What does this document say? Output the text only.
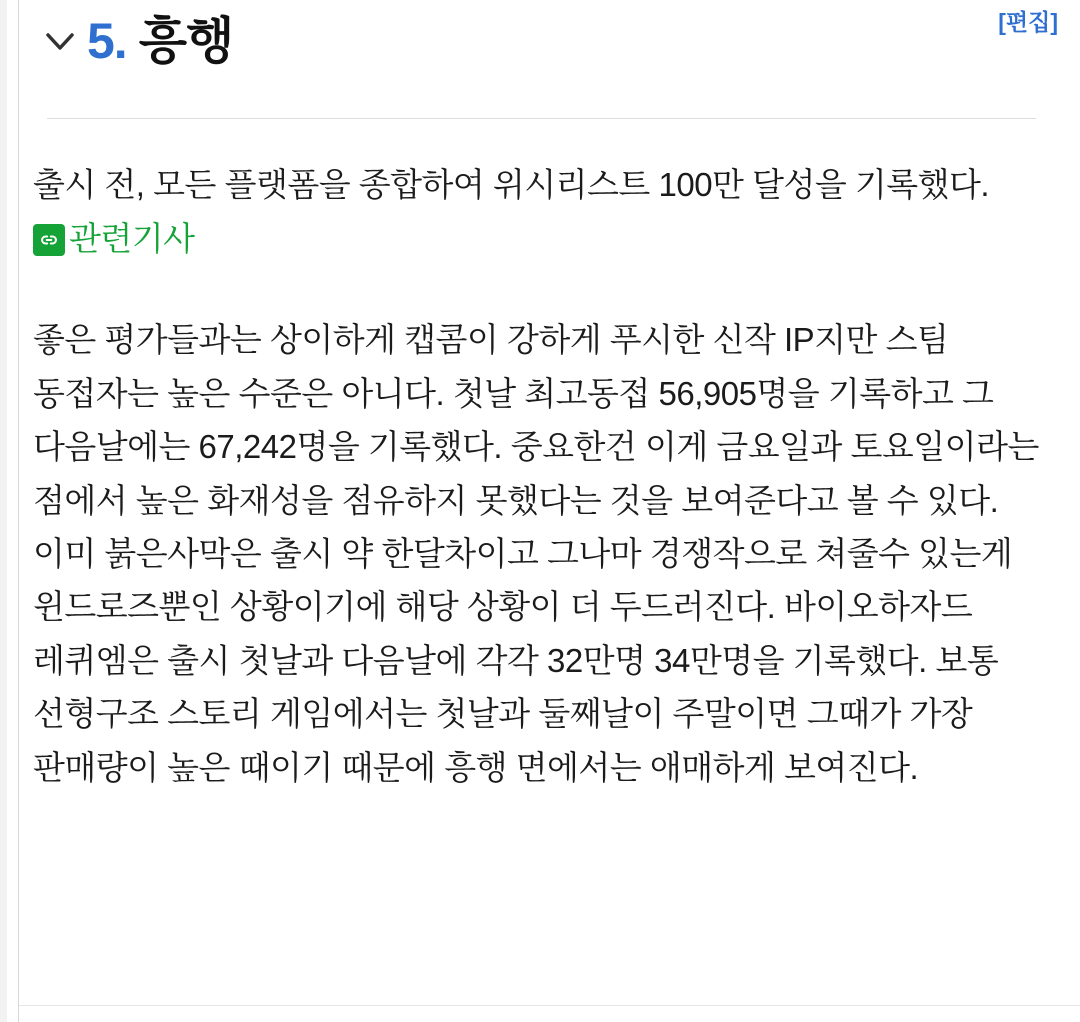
5. 흥행	[편집]

출시 전, 모든 플랫폼을 종합하여 위시리스트 100만 달성을 기록했다.
관련기사

좋은 평가들과는 상이하게 캡콤이 강하게 푸시한 신작 IP지만 스팀 동접자는 높은 수준은 아니다. 첫날 최고동접 56,905명을 기록하고 그 다음날에는 67,242명을 기록했다. 중요한건 이게 금요일과 토요일이라는 점에서 높은 화재성을 점유하지 못했다는 것을 보여준다고 볼 수 있다. 이미 붉은사막은 출시 약 한달차이고 그나마 경쟁작으로 쳐줄수 있는게 윈드로즈뿐인 상황이기에 해당 상황이 더 두드러진다. 바이오하자드 레퀴엠은 출시 첫날과 다음날에 각각 32만명 34만명을 기록했다. 보통 선형구조 스토리 게임에서는 첫날과 둘째날이 주말이면 그때가 가장 판매량이 높은 때이기 때문에 흥행 면에서는 애매하게 보여진다.
